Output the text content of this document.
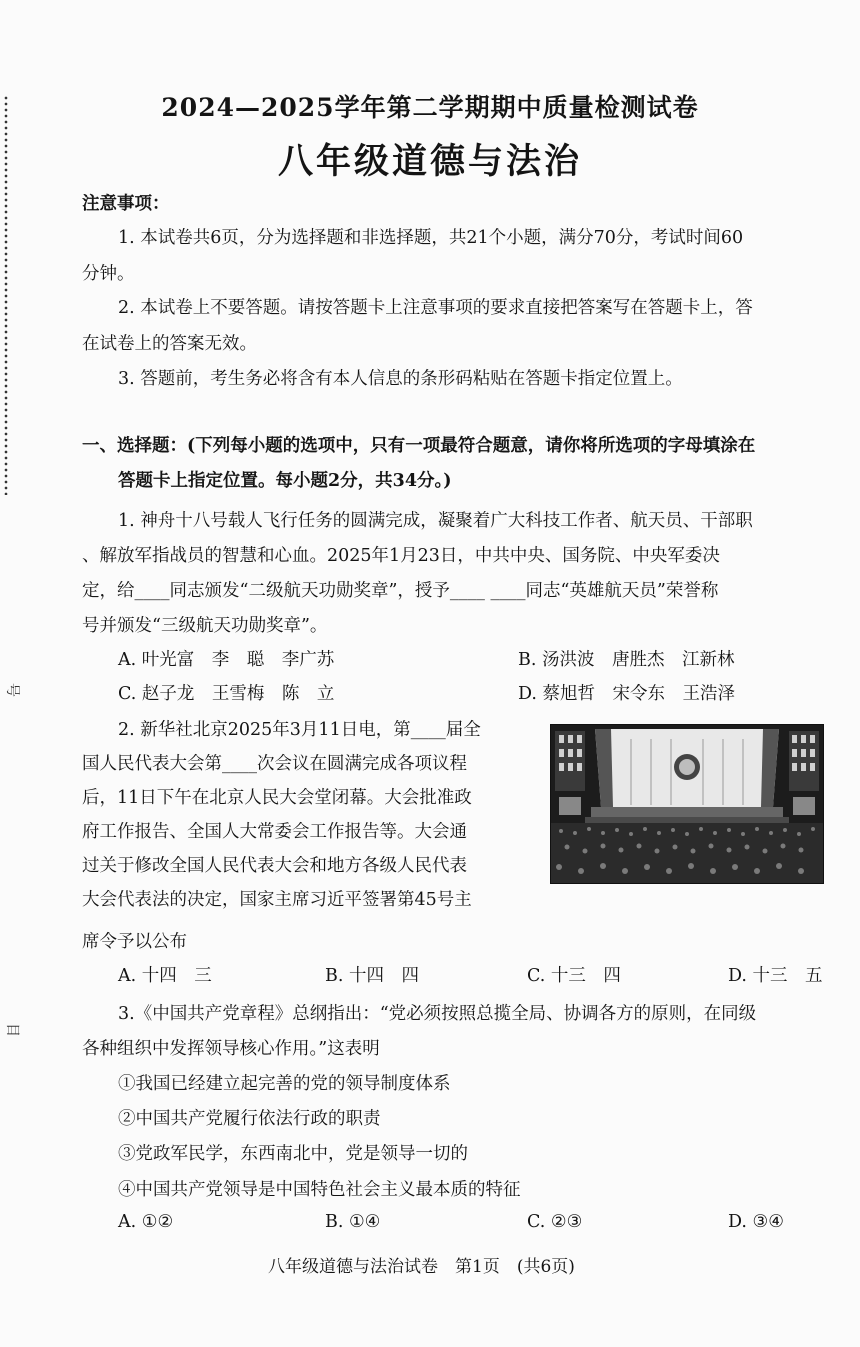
号
目
2024—2025学年第二学期期中质量检测试卷
八年级道德与法治
注意事项：
1. 本试卷共6页，分为选择题和非选择题，共21个小题，满分70分，考试时间60
分钟。
2. 本试卷上不要答题。请按答题卡上注意事项的要求直接把答案写在答题卡上，答
在试卷上的答案无效。
3. 答题前，考生务必将含有本人信息的条形码粘贴在答题卡指定位置上。
一、选择题：(下列每小题的选项中，只有一项最符合题意，请你将所选项的字母填涂在
答题卡上指定位置。每小题2分，共34分。)
1. 神舟十八号载人飞行任务的圆满完成，凝聚着广大科技工作者、航天员、干部职
、解放军指战员的智慧和心血。2025年1月23日，中共中央、国务院、中央军委决
定，给____同志颁发“二级航天功勋奖章”，授予____ ____同志“英雄航天员”荣誉称
号并颁发“三级航天功勋奖章”。
A. 叶光富　李　聪　李广苏	B. 汤洪波　唐胜杰　江新林
C. 赵子龙　王雪梅　陈　立	D. 蔡旭哲　宋令东　王浩泽
2. 新华社北京2025年3月11日电，第____届全
国人民代表大会第____次会议在圆满完成各项议程
后，11日下午在北京人民大会堂闭幕。大会批准政
府工作报告、全国人大常委会工作报告等。大会通
过关于修改全国人民代表大会和地方各级人民代表
大会代表法的决定，国家主席习近平签署第45号主
席令予以公布
A. 十四　三	B. 十四　四	C. 十三　四	D. 十三　五
3.《中国共产党章程》总纲指出：“党必须按照总揽全局、协调各方的原则，在同级
各种组织中发挥领导核心作用。”这表明
①我国已经建立起完善的党的领导制度体系
②中国共产党履行依法行政的职责
③党政军民学，东西南北中，党是领导一切的
④中国共产党领导是中国特色社会主义最本质的特征
A. ①②	B. ①④	C. ②③	D. ③④
八年级道德与法治试卷　第1页　(共6页)
